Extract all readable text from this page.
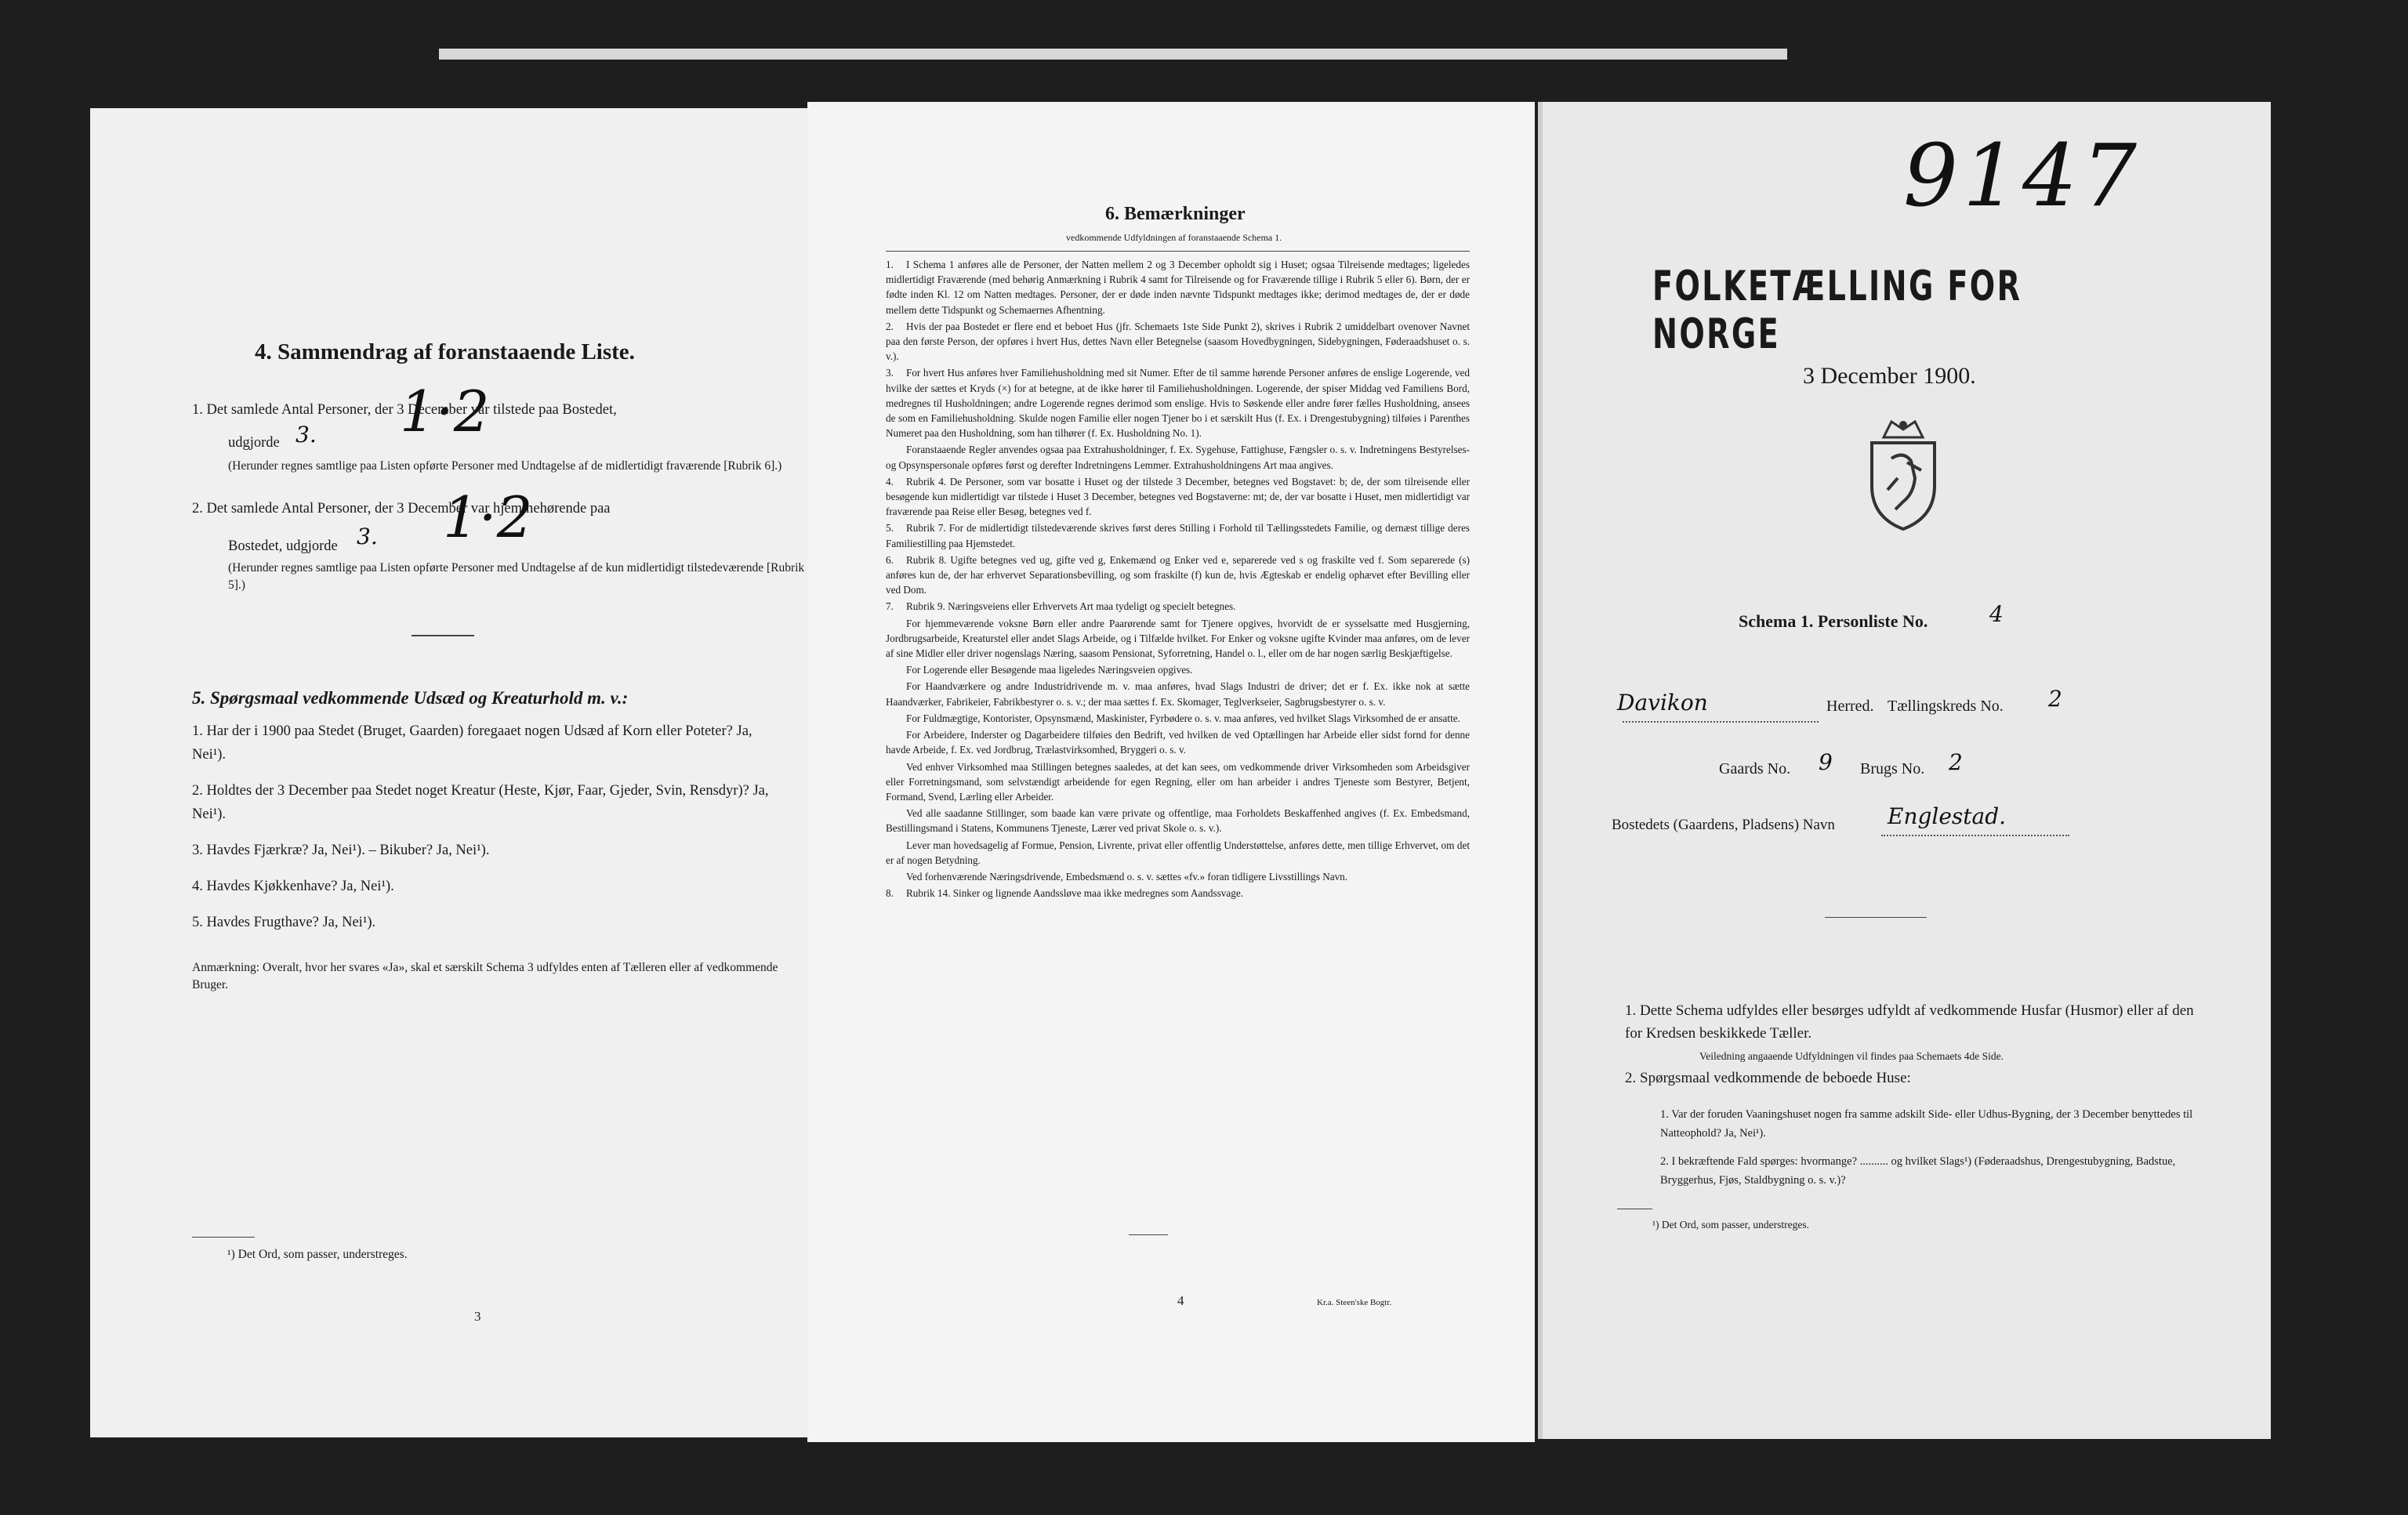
4. Sammendrag af foranstaaende Liste.
1. Det samlede Antal Personer, der 3 December var tilstede paa Bostedet,
udgjorde 3. 1·2
(Herunder regnes samtlige paa Listen opførte Personer med Undtagelse af de midlertidigt fraværende [Rubrik 6].)
2. Det samlede Antal Personer, der 3 December var hjemmehørende paa
Bostedet, udgjorde 3. 1·2
(Herunder regnes samtlige paa Listen opførte Personer med Undtagelse af de kun midlertidigt tilstedeværende [Rubrik 5].)
5. Spørgsmaal vedkommende Udsæd og Kreaturhold m. v.:
1. Har der i 1900 paa Stedet (Bruget, Gaarden) foregaaet nogen Udsæd af Korn eller Poteter? Ja, Nei¹).
2. Holdtes der 3 December paa Stedet noget Kreatur (Heste, Kjør, Faar, Gjeder, Svin, Rensdyr)? Ja, Nei¹).
3. Havdes Fjærkræ? Ja, Nei¹). – Bikuber? Ja, Nei¹).
4. Havdes Kjøkkenhave? Ja, Nei¹).
5. Havdes Frugthave? Ja, Nei¹).
Anmærkning: Overalt, hvor her svares «Ja», skal et særskilt Schema 3 udfyldes enten af Tælleren eller af vedkommende Bruger.
¹) Det Ord, som passer, understreges.
3
6. Bemærkninger
vedkommende Udfyldningen af foranstaaende Schema 1.

1. I Schema 1 anføres alle de Personer, der Natten mellem 2 og 3 December opholdt sig i Huset; ogsaa Tilreisende medtages; ligeledes midlertidigt Fraværende (med behørig Anmærkning i Rubrik 4 samt for Tilreisende og for Fraværende tillige i Rubrik 5 eller 6). Børn, der er fødte inden Kl. 12 om Natten medtages. Personer, der er døde inden nævnte Tidspunkt medtages ikke; derimod medtages de, der er døde mellem dette Tidspunkt og Schemaernes Afhentning.

2. Hvis der paa Bostedet er flere end et beboet Hus (jfr. Schemaets 1ste Side Punkt 2), skrives i Rubrik 2 umiddelbart ovenover Navnet paa den første Person, der opføres i hvert Hus, dettes Navn eller Betegnelse (saasom Hovedbygningen, Sidebygningen, Føderaadshuset o. s. v.).

3. For hvert Hus anføres hver Familiehusholdning med sit Numer. Efter de til samme hørende Personer anføres de enslige Logerende, ved hvilke der sættes et Kryds (×) for at betegne, at de ikke hører til Familiehusholdningen. Logerende, der spiser Middag ved Familiens Bord, medregnes til Husholdningen; andre Logerende regnes derimod som enslige. Hvis to Søskende eller andre fører fælles Husholdning, ansees de som en Familiehusholdning. Skulde nogen Familie eller nogen Tjener bo i et særskilt Hus (f. Ex. i Drengestubygning) tilføies i Parenthes Numeret paa den Husholdning, som han tilhører (f. Ex. Husholdning No. 1).

Foranstaaende Regler anvendes ogsaa paa Extrahusholdninger, f. Ex. Sygehuse, Fattighuse, Fængsler o. s. v. Indretningens Bestyrelses- og Opsynspersonale opføres først og derefter Indretningens Lemmer. Extrahusholdningens Art maa angives.

4. Rubrik 4. De Personer, som var bosatte i Huset og der tilstede 3 December, betegnes ved Bogstavet: b; de, der som tilreisende eller besøgende kun midlertidigt var tilstede i Huset 3 December, betegnes ved Bogstaverne: mt; de, der var bosatte i Huset, men midlertidigt var fraværende paa Reise eller Besøg, betegnes ved f.

5. Rubrik 7. For de midlertidigt tilstedeværende skrives først deres Stilling i Forhold til Tællingsstedets Familie, og dernæst tillige deres Familiestilling paa Hjemstedet.

6. Rubrik 8. Ugifte betegnes ved ug, gifte ved g, Enkemænd og Enker ved e, separerede ved s og fraskilte ved f. Som separerede (s) anføres kun de, der har erhvervet Separationsbevilling, og som fraskilte (f) kun de, hvis Ægteskab er endelig ophævet efter Bevilling eller ved Dom.

7. Rubrik 9. Næringsveiens eller Erhvervets Art maa tydeligt og specielt betegnes.

For hjemmeværende voksne Børn eller andre Paarørende samt for Tjenere opgives, hvorvidt de er sysselsatte med Husgjerning, Jordbrugsarbeide, Kreaturstel eller andet Slags Arbeide, og i Tilfælde hvilket. For Enker og voksne ugifte Kvinder maa anføres, om de lever af sine Midler eller driver nogenslags Næring, saasom Pensionat, Syforretning, Handel o. l., eller om de har nogen særlig Beskjæftigelse.

For Logerende eller Besøgende maa ligeledes Næringsveien opgives.

For Haandværkere og andre Industridrivende m. v. maa anføres, hvad Slags Industri de driver; det er f. Ex. ikke nok at sætte Haandværker, Fabrikeier, Fabrikbestyrer o. s. v.; der maa sættes f. Ex. Skomager, Teglverkseier, Sagbrugsbestyrer o. s. v.

For Fuldmægtige, Kontorister, Opsynsmænd, Maskinister, Fyrbødere o. s. v. maa anføres, ved hvilket Slags Virksomhed de er ansatte.

For Arbeidere, Inderster og Dagarbeidere tilføies den Bedrift, ved hvilken de ved Optællingen har Arbeide eller sidst fornd for denne havde Arbeide, f. Ex. ved Jordbrug, Trælastvirksomhed, Bryggeri o. s. v.

Ved enhver Virksomhed maa Stillingen betegnes saaledes, at det kan sees, om vedkommende driver Virksomheden som Arbeidsgiver eller Forretningsmand, som selvstændigt arbeidende for egen Regning, eller om han arbeider i andres Tjeneste som Bestyrer, Betjent, Formand, Svend, Lærling eller Arbeider.

Ved alle saadanne Stillinger, som baade kan være private og offentlige, maa Forholdets Beskaffenhed angives (f. Ex. Embedsmand, Bestillingsmand i Statens, Kommunens Tjeneste, Lærer ved privat Skole o. s. v.).

Lever man hovedsagelig af Formue, Pension, Livrente, privat eller offentlig Understøttelse, anføres dette, men tillige Erhvervet, om det er af nogen Betydning.

Ved forhenværende Næringsdrivende, Embedsmænd o. s. v. sættes «fv.» foran tidligere Livsstillings Navn.

8. Rubrik 14. Sinker og lignende Aandssløve maa ikke medregnes som Aandssvage.

4	Kr.a. Steen'ske Bogtr.
9147
FOLKETÆLLING FOR NORGE
3 December 1900.
Schema 1. Personliste No.	4
Davikon	Herred. Tællingskreds No. 2
Gaards No. 9 Brugs No. 2
Bostedets (Gaardens, Pladsens) Navn Englestad.
1. Dette Schema udfyldes eller besørges udfyldt af vedkommende Husfar (Husmor) eller af den for Kredsen beskikkede Tæller.
Veiledning angaaende Udfyldningen vil findes paa Schemaets 4de Side.
2. Spørgsmaal vedkommende de beboede Huse:
1. Var der foruden Vaaningshuset nogen fra samme adskilt Side- eller Udhus-Bygning, der 3 December benyttedes til Natteophold? Ja, Nei¹).
2. I bekræftende Fald spørges: hvormange? .......... og hvilket Slags¹) (Føderaadshus, Drengestubygning, Badstue, Bryggerhus, Fjøs, Staldbygning o. s. v.)?
¹) Det Ord, som passer, understreges.
